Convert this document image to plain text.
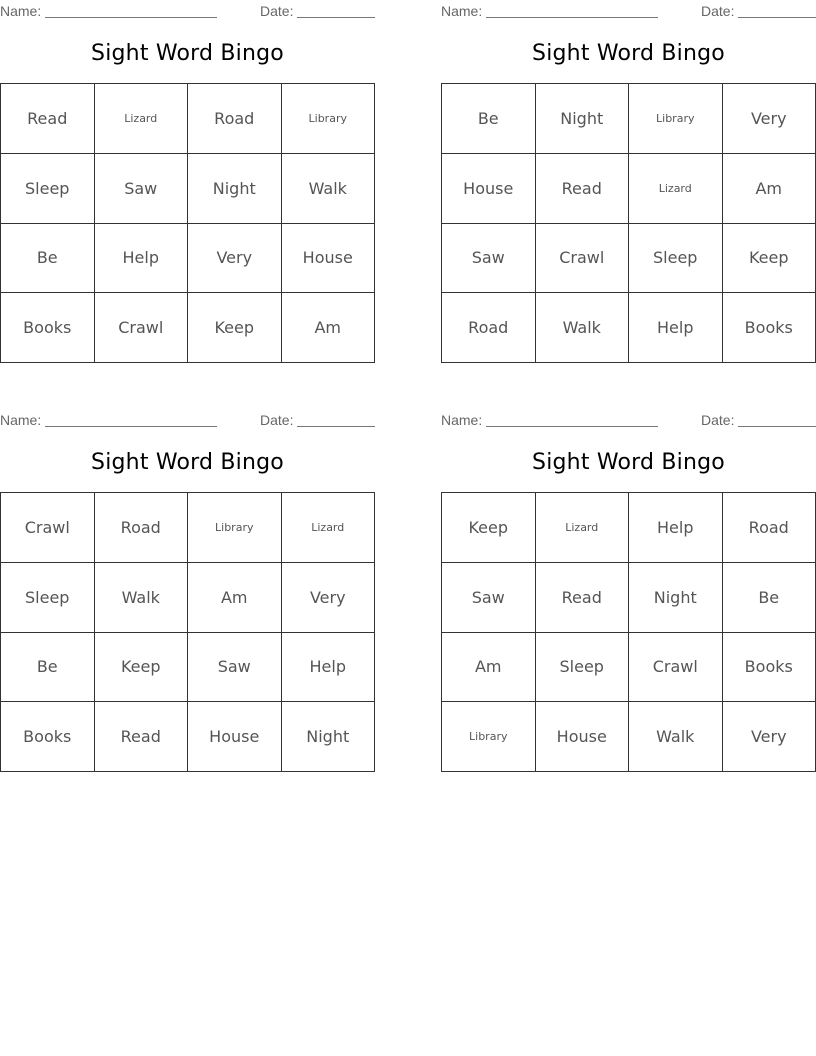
Name:	Date:
Sight Word Bingo
Read	Lizard	Road	Library
Sleep	Saw	Night	Walk
Be	Help	Very	House
Books	Crawl	Keep	Am
Name:	Date:
Sight Word Bingo
Be	Night	Library	Very
House	Read	Lizard	Am
Saw	Crawl	Sleep	Keep
Road	Walk	Help	Books
Name:	Date:
Sight Word Bingo
Crawl	Road	Library	Lizard
Sleep	Walk	Am	Very
Be	Keep	Saw	Help
Books	Read	House	Night
Name:	Date:
Sight Word Bingo
Keep	Lizard	Help	Road
Saw	Read	Night	Be
Am	Sleep	Crawl	Books
Library	House	Walk	Very
